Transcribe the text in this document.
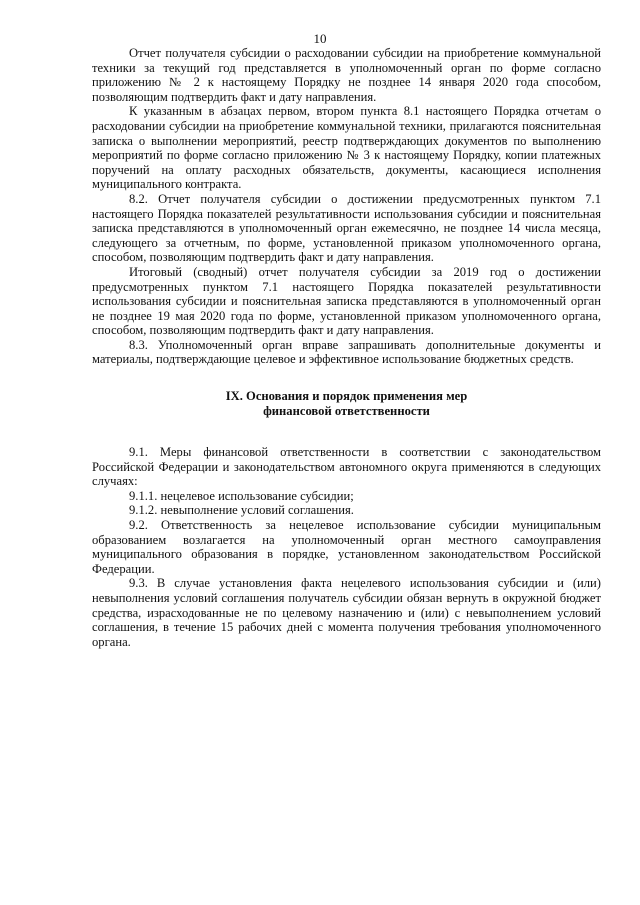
10

Отчет получателя субсидии о расходовании субсидии на приобретение коммунальной техники за текущий год представляется в уполномоченный орган по форме согласно приложению № 2 к настоящему Порядку не позднее 14 января 2020 года способом, позволяющим подтвердить факт и дату направления.

К указанным в абзацах первом, втором пункта 8.1 настоящего Порядка отчетам о расходовании субсидии на приобретение коммунальной техники, прилагаются пояснительная записка о выполнении мероприятий, реестр подтверждающих документов по выполнению мероприятий по форме согласно приложению № 3 к настоящему Порядку, копии платежных поручений на оплату расходных обязательств, документы, касающиеся исполнения муниципального контракта.

8.2. Отчет получателя субсидии о достижении предусмотренных пунктом 7.1 настоящего Порядка показателей результативности использования субсидии и пояснительная записка представляются в уполномоченный орган ежемесячно, не позднее 14 числа месяца, следующего за отчетным, по форме, установленной приказом уполномоченного органа, способом, позволяющим подтвердить факт и дату направления.

Итоговый (сводный) отчет получателя субсидии за 2019 год о достижении предусмотренных пунктом 7.1 настоящего Порядка показателей результативности использования субсидии и пояснительная записка представляются в уполномоченный орган не позднее 19 мая 2020 года по форме, установленной приказом уполномоченного органа, способом, позволяющим подтвердить факт и дату направления.

8.3. Уполномоченный орган вправе запрашивать дополнительные документы и материалы, подтверждающие целевое и эффективное использование бюджетных средств.

IX. Основания и порядок применения мер
финансовой ответственности

9.1. Меры финансовой ответственности в соответствии с законодательством Российской Федерации и законодательством автономного округа применяются в следующих случаях:

9.1.1. нецелевое использование субсидии;

9.1.2. невыполнение условий соглашения.

9.2. Ответственность за нецелевое использование субсидии муниципальным образованием возлагается на уполномоченный орган местного самоуправления муниципального образования в порядке, установленном законодательством Российской Федерации.

9.3. В случае установления факта нецелевого использования субсидии и (или) невыполнения условий соглашения получатель субсидии обязан вернуть в окружной бюджет средства, израсходованные не по целевому назначению и (или) с невыполнением условий соглашения, в течение 15 рабочих дней с момента получения требования уполномоченного органа.
